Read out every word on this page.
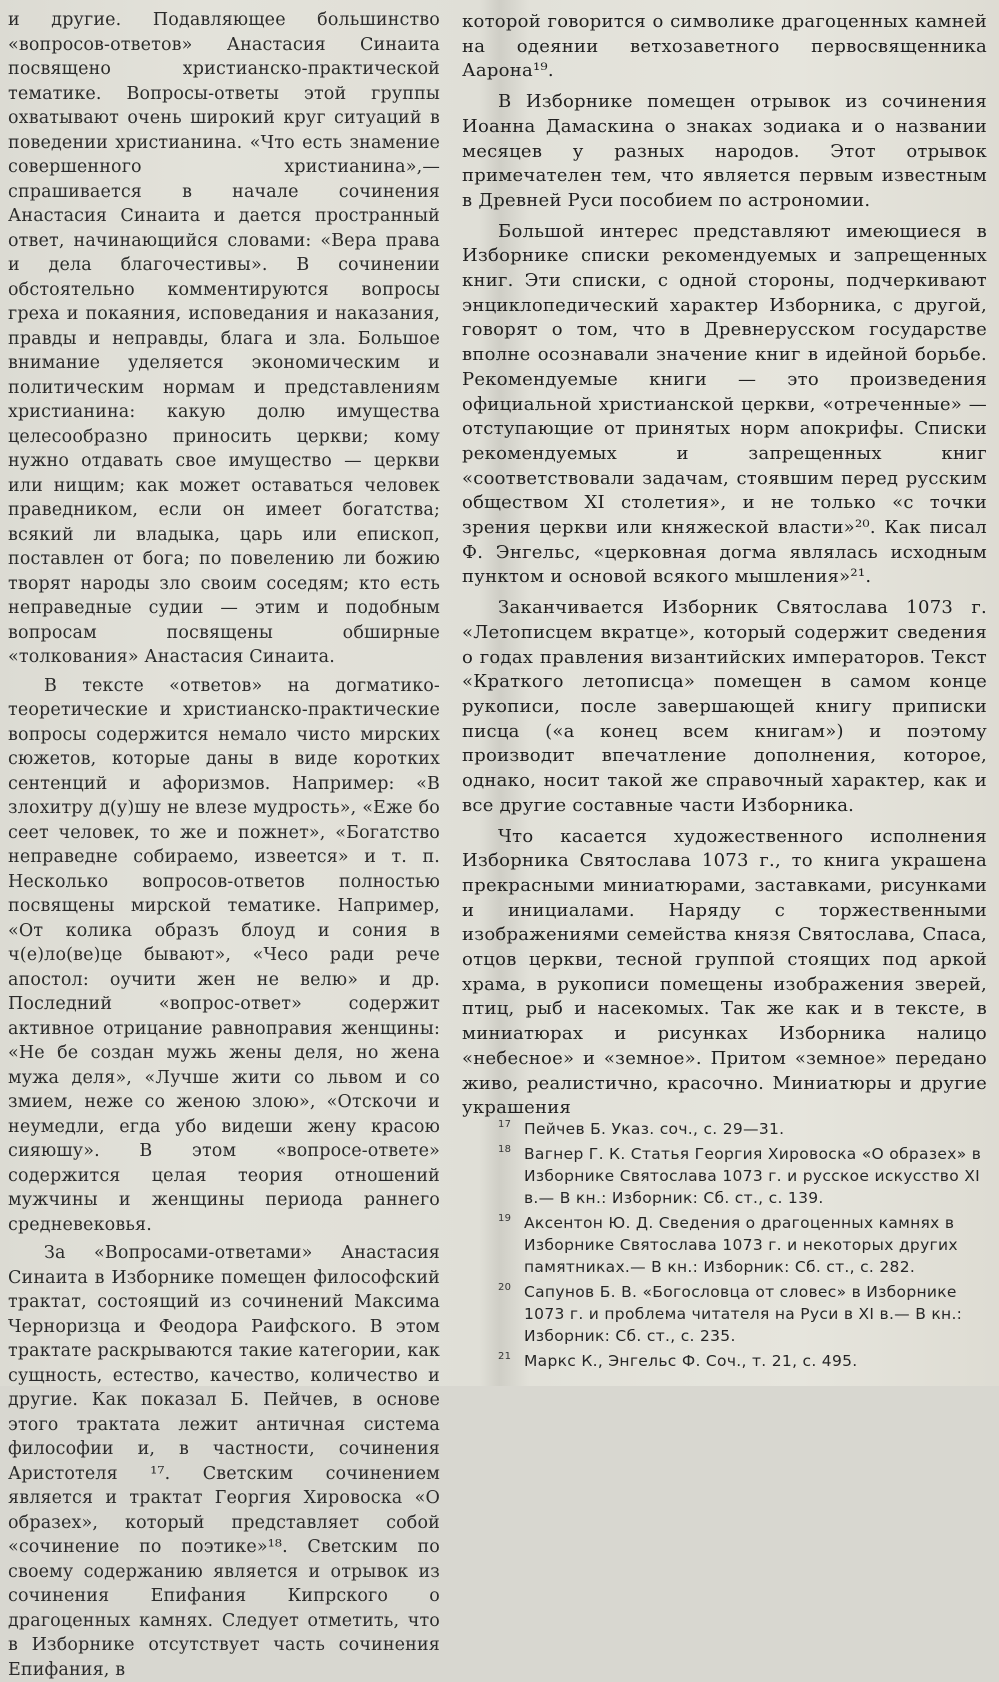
и другие. Подавляющее большинство «вопросов-ответов» Анастасия Синаита посвящено христианско-практической тематике. Вопросы-ответы этой группы охватывают очень широкий круг ситуаций в поведении христианина. «Что есть знамение совершенного христианина»,— спрашивается в начале сочинения Анастасия Синаита и дается пространный ответ, начинающийся словами: «Вера права и дела благочестивы». В сочинении обстоятельно комментируются вопросы греха и покаяния, исповедания и наказания, правды и неправды, блага и зла. Большое внимание уделяется экономическим и политическим нормам и представлениям христианина: какую долю имущества целесообразно приносить церкви; кому нужно отдавать свое имущество — церкви или нищим; как может оставаться человек праведником, если он имеет богатства; всякий ли владыка, царь или епископ, поставлен от бога; по повелению ли божию творят народы зло своим соседям; кто есть неправедные судии — этим и подобным вопросам посвящены обширные «толкования» Анастасия Синаита.

В тексте «ответов» на догматико-теоретические и христианско-практические вопросы содержится немало чисто мирских сюжетов, которые даны в виде коротких сентенций и афоризмов. Например: «В злохитру д(у)шу не влезе мудрость», «Еже бо сеет человек, то же и пожнет», «Богатство неправедне собираемо, извеется» и т. п. Несколько вопросов-ответов полностью посвящены мирской тематике. Например, «От колика образъ блоуд и сония в ч(е)ло(ве)це бывают», «Чесо ради рече апостол: оучити жен не велю» и др. Последний «вопрос-ответ» содержит активное отрицание равноправия женщины: «Не бе создан мужь жены деля, но жена мужа деля», «Лучше жити со львом и со змием, неже со женою злою», «Отскочи и неумедли, егда убо видеши жену красою сияюшу». В этом «вопросе-ответе» содержится целая теория отношений мужчины и женщины периода раннего средневековья.

За «Вопросами-ответами» Анастасия Синаита в Изборнике помещен философский трактат, состоящий из сочинений Максима Черноризца и Феодора Раифского. В этом трактате раскрываются такие категории, как сущность, естество, качество, количество и другие. Как показал Б. Пейчев, в основе этого трактата лежит античная система философии и, в частности, сочинения Аристотеля ¹⁷. Светским сочинением является и трактат Георгия Хировоска «О образех», который представляет собой «сочинение по поэтике»¹⁸. Светским по своему содержанию является и отрывок из сочинения Епифания Кипрского о драгоценных камнях. Следует отметить, что в Изборнике отсутствует часть сочинения Епифания, в

которой говорится о символике драгоценных камней на одеянии ветхозаветного первосвященника Аарона¹⁹.

В Изборнике помещен отрывок из сочинения Иоанна Дамаскина о знаках зодиака и о названии месяцев у разных народов. Этот отрывок примечателен тем, что является первым известным в Древней Руси пособием по астрономии.

Большой интерес представляют имеющиеся в Изборнике списки рекомендуемых и запрещенных книг. Эти списки, с одной стороны, подчеркивают энциклопедический характер Изборника, с другой, говорят о том, что в Древнерусском государстве вполне осознавали значение книг в идейной борьбе. Рекомендуемые книги — это произведения официальной христианской церкви, «отреченные» — отступающие от принятых норм апокрифы. Списки рекомендуемых и запрещенных книг «соответствовали задачам, стоявшим перед русским обществом XI столетия», и не только «с точки зрения церкви или княжеской власти»²⁰. Как писал Ф. Энгельс, «церковная догма являлась исходным пунктом и основой всякого мышления»²¹.

Заканчивается Изборник Святослава 1073 г. «Летописцем вкратце», который содержит сведения о годах правления византийских императоров. Текст «Краткого летописца» помещен в самом конце рукописи, после завершающей книгу приписки писца («а конец всем книгам») и поэтому производит впечатление дополнения, которое, однако, носит такой же справочный характер, как и все другие составные части Изборника.

Что касается художественного исполнения Изборника Святослава 1073 г., то книга украшена прекрасными миниатюрами, заставками, рисунками и инициалами. Наряду с торжественными изображениями семейства князя Святослава, Спаса, отцов церкви, тесной группой стоящих под аркой храма, в рукописи помещены изображения зверей, птиц, рыб и насекомых. Так же как и в тексте, в миниатюрах и рисунках Изборника налицо «небесное» и «земное». Притом «земное» передано живо, реалистично, красочно. Миниатюры и другие украшения

17 Пейчев Б. Указ. соч., с. 29—31.
18 Вагнер Г. К. Статья Георгия Хировоска «О образех» в Изборнике Святослава 1073 г. и русское искусство XI в.— В кн.: Изборник: Сб. ст., с. 139.
19 Аксентон Ю. Д. Сведения о драгоценных камнях в Изборнике Святослава 1073 г. и некоторых других памятниках.— В кн.: Изборник: Сб. ст., с. 282.
20 Сапунов Б. В. «Богословца от словес» в Изборнике 1073 г. и проблема читателя на Руси в XI в.— В кн.: Изборник: Сб. ст., с. 235.
21 Маркс К., Энгельс Ф. Соч., т. 21, с. 495.
